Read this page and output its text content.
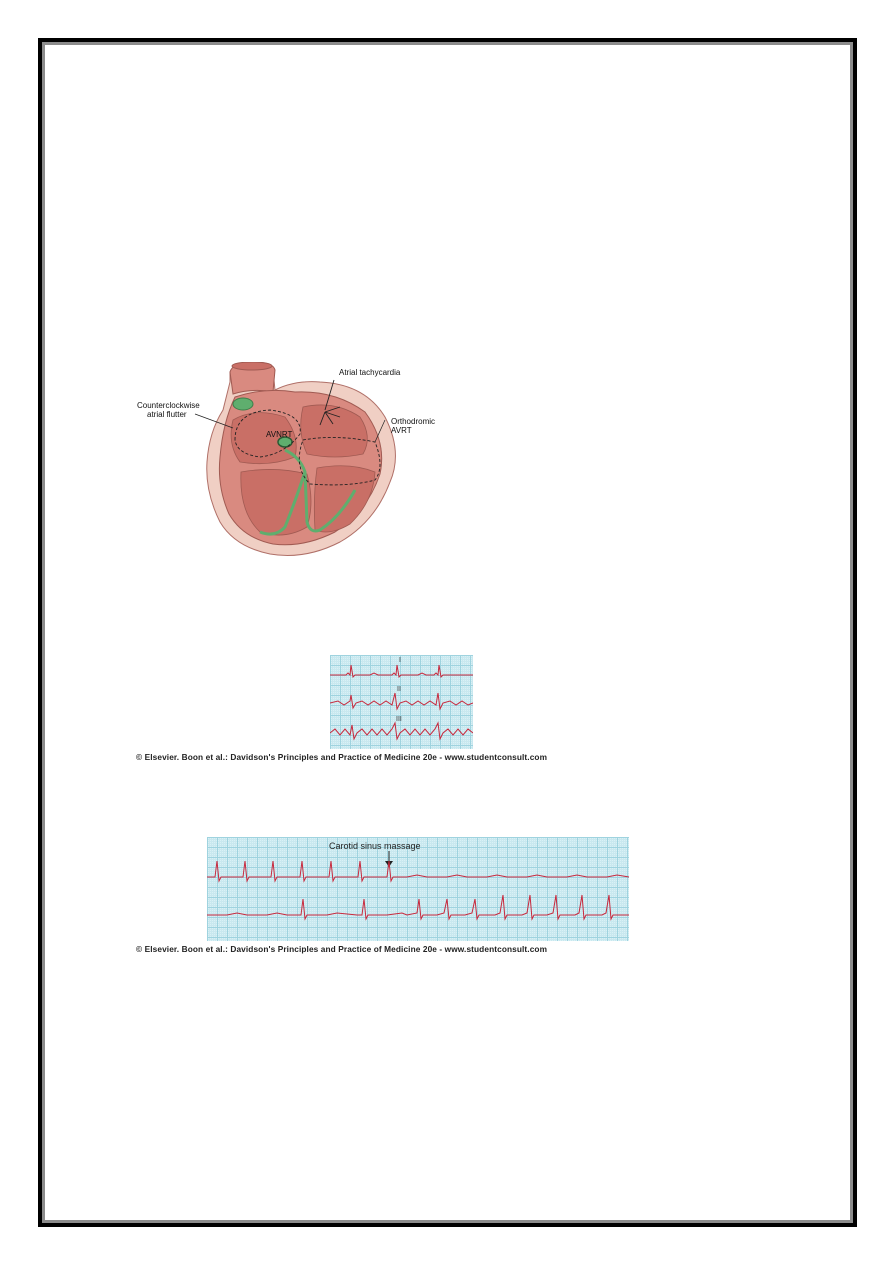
Atrial tachycardia
Counterclockwise
atrial flutter
Orthodromic
AVRT
AVNRT
I
II
III
© Elsevier. Boon et al.: Davidson's Principles and Practice of Medicine 20e - www.studentconsult.com
Carotid sinus massage
© Elsevier. Boon et al.: Davidson's Principles and Practice of Medicine 20e - www.studentconsult.com
